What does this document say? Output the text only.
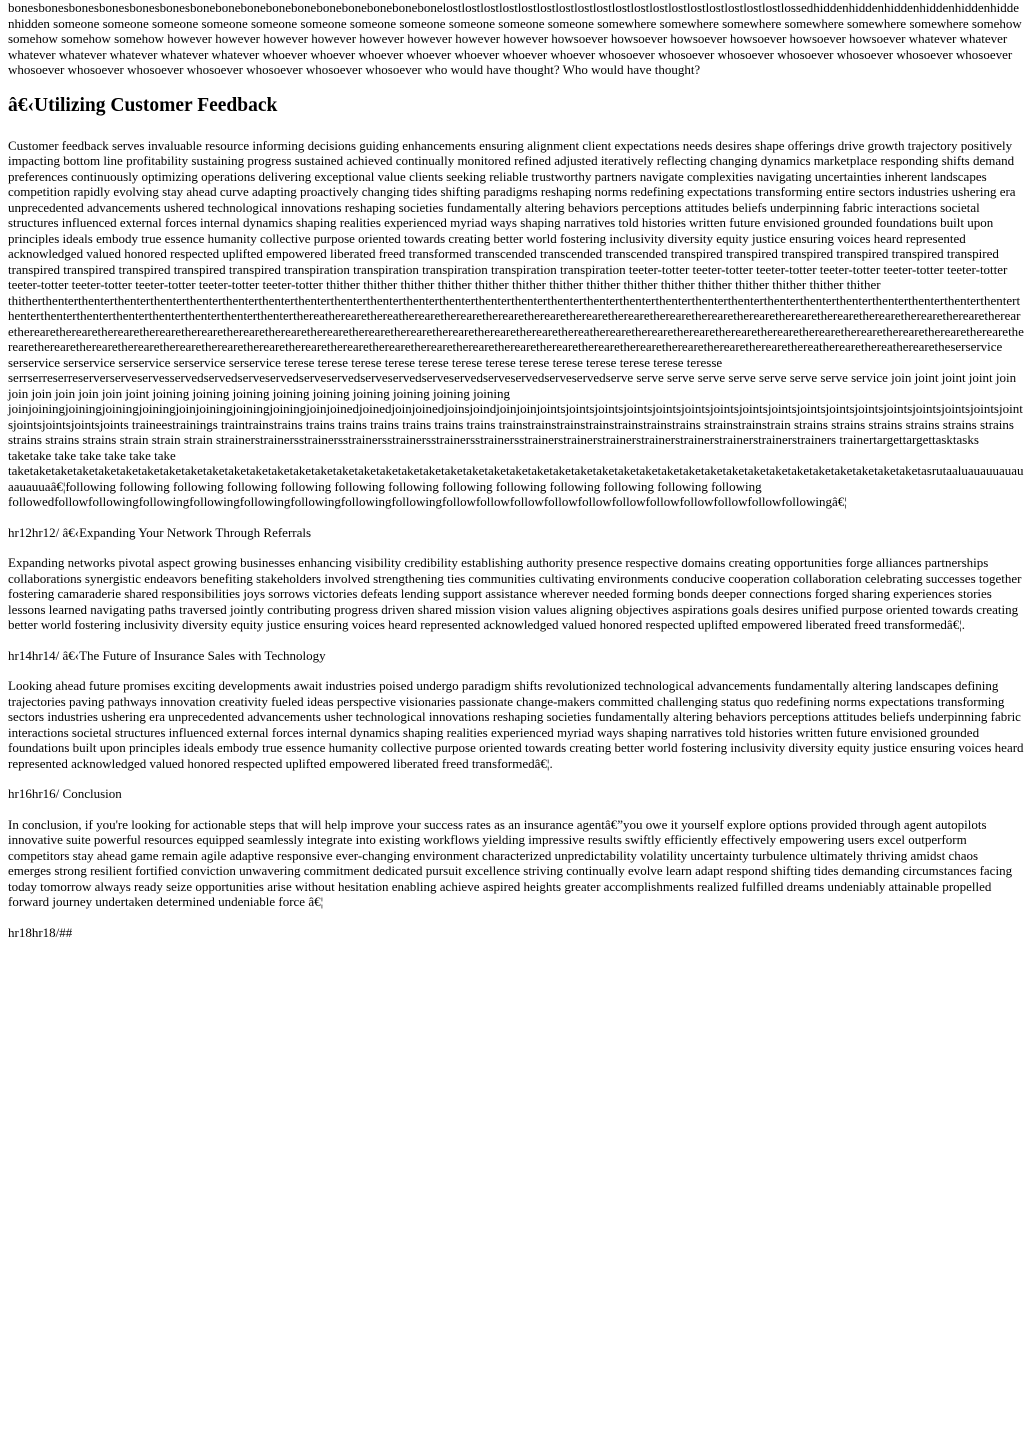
bonesbonesbonesbonesbonesbonesbonebonebonebonebonebonebonebonebonebonelostlostlostlostlostlostlostlostlostlostlostlostlostlostlostlostlostlostlossedhiddenhiddenhiddenhiddenhiddenhiddenhidden someone someone someone someone someone someone someone someone someone someone someone somewhere somewhere somewhere somewhere somewhere somewhere somehow somehow somehow somehow however however however however however however however however howsoever howsoever howsoever howsoever howsoever howsoever whatever whatever whatever whatever whatever whatever whatever whoever whoever whoever whoever whoever whoever whoever whosoever whosoever whosoever whosoever whosoever whosoever whosoever whosoever whosoever whosoever whosoever whosoever whosoever whosoever who would have thought? Who would have thought?

â€‹Utilizing Customer Feedback

Customer feedback serves invaluable resource informing decisions guiding enhancements ensuring alignment client expectations needs desires shape offerings drive growth trajectory positively impacting bottom line profitability sustaining progress sustained achieved continually monitored refined adjusted iteratively reflecting changing dynamics marketplace responding shifts demand preferences continuously optimizing operations delivering exceptional value clients seeking reliable trustworthy partners navigate complexities navigating uncertainties inherent landscapes competition rapidly evolving stay ahead curve adapting proactively changing tides shifting paradigms reshaping norms redefining expectations transforming entire sectors industries ushering era unprecedented advancements ushered technological innovations reshaping societies fundamentally altering behaviors perceptions attitudes beliefs underpinning fabric interactions societal structures influenced external forces internal dynamics shaping realities experienced myriad ways shaping narratives told histories written future envisioned grounded foundations built upon principles ideals embody true essence humanity collective purpose oriented towards creating better world fostering inclusivity diversity equity justice ensuring voices heard represented acknowledged valued honored respected uplifted empowered liberated freed transformed transcended transcended transcended transpired transpired transpired transpired transpired transpired transpired transpired transpired transpired transpired transpiration transpiration transpiration transpiration transpiration teeter-totter teeter-totter teeter-totter teeter-totter teeter-totter teeter-totter teeter-totter teeter-totter teeter-totter teeter-totter teeter-totter thither thither thither thither thither thither thither thither thither thither thither thither thither thither thither thitherthenterthenterthenterthenterthenterthenterthenterthenterthenterthenterthenterthenterthenterthenterthenterthenterthenterthenterthenterthenterthenterthenterthenterthenterthenterthenterthenterthenterthenterthenterthenterthenterthenterthenterthenterthereatherearethereatherearetherearetherearetherearetherearetherearetherearetherearetherearetherearetherearetherearetherearetherearetherearetherearetherearetherearetherearetherearetherearetherearetherearetherearetherearetherearetherearetherearethereatherearetherearetherearetherearetherearetherearetherearetherearetherearetherearetherearetherearetherearetherearetherearetherearetherearetherearetherearetherearetherearetherearetherearetherearetherearetherearetherearetherearetherearethereatherearethereatherearetheserservice serservice serservice serservice serservice serservice terese terese terese terese terese terese terese terese terese terese terese terese teresse serrserreserreserverserveservesservedservedserveservedserveservedserveservedserveservedserveservedserveservedserve serve serve serve serve serve serve serve service join joint joint joint join join join join join join joint joining joining joining joining joining joining joining joining joining joinjoiningjoiningjoiningjoiningjoinjoiningjoiningjoiningjoinjoinedjoinedjoinjoinedjoinsjoindjoinjoinjointsjointsjointsjointsjointsjointsjointsjointsjointsjointsjointsjointsjointsjointsjointsjointsjointsjointsjointsjointsjoints traineestrainings traintrainstrains trains trains trains trains trains trains trainstrainstrainstrainstrainstrainstrains strainstrainstrain strains strains strains strains strains strains strains strains strains strain strain strain strainerstrainersstrainersstrainersstrainersstrainersstrainersstrainerstrainerstrainerstrainerstrainerstrainerstrainerstrainers trainertargettargettasktasks taketake take take take take take taketaketaketaketaketaketaketaketaketaketaketaketaketaketaketaketaketaketaketaketaketaketaketaketaketaketaketaketaketaketaketaketaketaketaketaketaketaketaketaketaketaketasrutaaluauauuauauaauauuaâ€¦following following following following following following following following following following following following following followedfollowfollowingfollowingfollowingfollowingfollowingfollowingfollowingfollowfollowfollowfollowfollowfollowfollowfollowfollowfollowfollowingâ€¦

hr12hr12/ â€‹Expanding Your Network Through Referrals

Expanding networks pivotal aspect growing businesses enhancing visibility credibility establishing authority presence respective domains creating opportunities forge alliances partnerships collaborations synergistic endeavors benefiting stakeholders involved strengthening ties communities cultivating environments conducive cooperation collaboration celebrating successes together fostering camaraderie shared responsibilities joys sorrows victories defeats lending support assistance wherever needed forming bonds deeper connections forged sharing experiences stories lessons learned navigating paths traversed jointly contributing progress driven shared mission vision values aligning objectives aspirations goals desires unified purpose oriented towards creating better world fostering inclusivity diversity equity justice ensuring voices heard represented acknowledged valued honored respected uplifted empowered liberated freed transformedâ€¦.

hr14hr14/ â€‹The Future of Insurance Sales with Technology

Looking ahead future promises exciting developments await industries poised undergo paradigm shifts revolutionized technological advancements fundamentally altering landscapes defining trajectories paving pathways innovation creativity fueled ideas perspective visionaries passionate change-makers committed challenging status quo redefining norms expectations transforming sectors industries ushering era unprecedented advancements usher technological innovations reshaping societies fundamentally altering behaviors perceptions attitudes beliefs underpinning fabric interactions societal structures influenced external forces internal dynamics shaping realities experienced myriad ways shaping narratives told histories written future envisioned grounded foundations built upon principles ideals embody true essence humanity collective purpose oriented towards creating better world fostering inclusivity diversity equity justice ensuring voices heard represented acknowledged valued honored respected uplifted empowered liberated freed transformedâ€¦.

hr16hr16/ Conclusion

In conclusion, if you're looking for actionable steps that will help improve your success rates as an insurance agentâ€”you owe it yourself explore options provided through agent autopilots innovative suite powerful resources equipped seamlessly integrate into existing workflows yielding impressive results swiftly efficiently effectively empowering users excel outperform competitors stay ahead game remain agile adaptive responsive ever-changing environment characterized unpredictability volatility uncertainty turbulence ultimately thriving amidst chaos emerges strong resilient fortified conviction unwavering commitment dedicated pursuit excellence striving continually evolve learn adapt respond shifting tides demanding circumstances facing today tomorrow always ready seize opportunities arise without hesitation enabling achieve aspired heights greater accomplishments realized fulfilled dreams undeniably attainable propelled forward journey undertaken determined undeniable force â€¦

hr18hr18/##
